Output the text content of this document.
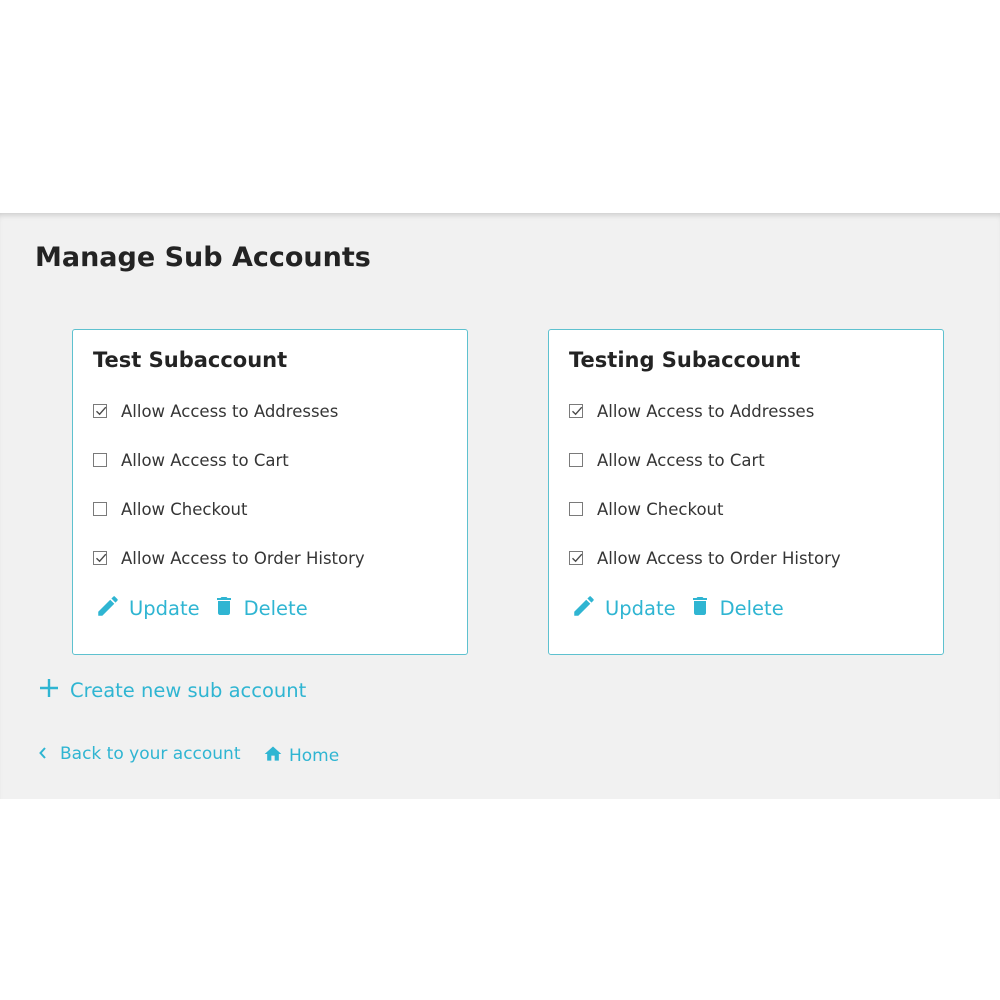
Manage Sub Accounts
Test Subaccount
Allow Access to Addresses
Allow Access to Cart
Allow Checkout
Allow Access to Order History
Update Delete
Testing Subaccount
Allow Access to Addresses
Allow Access to Cart
Allow Checkout
Allow Access to Order History
Update Delete
Create new sub account
Back to your account	Home
